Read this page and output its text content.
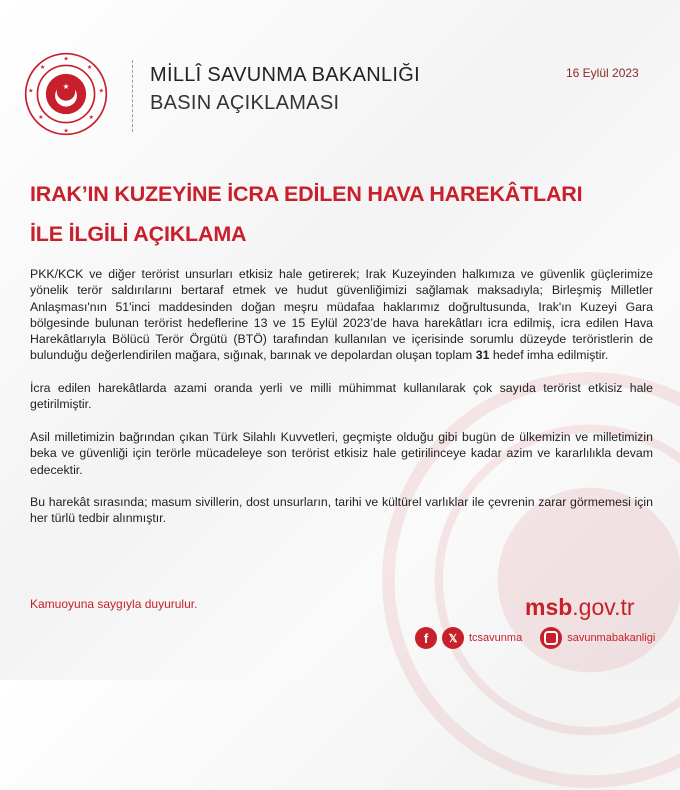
★
★
★
★
★
★
★
★
★
MİLLÎ SAVUNMA BAKANLIĞI
BASIN AÇIKLAMASI
16 Eylül 2023
IRAK’IN KUZEYİNE İCRA EDİLEN HAVA HAREKÂTLARI
İLE İLGİLİ AÇIKLAMA

PKK/KCK ve diğer terörist unsurları etkisiz hale getirerek; Irak Kuzeyinden halkımıza ve güvenlik güçlerimize yönelik terör saldırılarını bertaraf etmek ve hudut güvenliğimizi sağlamak maksadıyla; Birleşmiş Milletler Anlaşması'nın 51'inci maddesinden doğan meşru müdafaa haklarımız doğrultusunda, Irak'ın Kuzeyi Gara bölgesinde bulunan terörist hedeflerine 13 ve 15 Eylül 2023’de hava harekâtları icra edilmiş, icra edilen Hava Harekâtlarıyla Bölücü Terör Örgütü (BTÖ) tarafından kullanılan ve içerisinde sorumlu düzeyde teröristlerin de bulunduğu değerlendirilen mağara, sığınak, barınak ve depolardan oluşan toplam 31 hedef imha edilmiştir.

İcra edilen harekâtlarda azami oranda yerli ve milli mühimmat kullanılarak çok sayıda terörist etkisiz hale getirilmiştir.

Asil milletimizin bağrından çıkan Türk Silahlı Kuvvetleri, geçmişte olduğu gibi bugün de ülkemizin ve milletimizin beka ve güvenliği için terörle mücadeleye son terörist etkisiz hale getirilinceye kadar azim ve kararlılıkla devam edecektir.

Bu harekât sırasında; masum sivillerin, dost unsurların, tarihi ve kültürel varlıklar ile çevrenin zarar görmemesi için her türlü tedbir alınmıştır.

Kamuoyuna saygıyla duyurulur.	msb.gov.tr
f	𝕏	tcsavunma	savunmabakanligi
